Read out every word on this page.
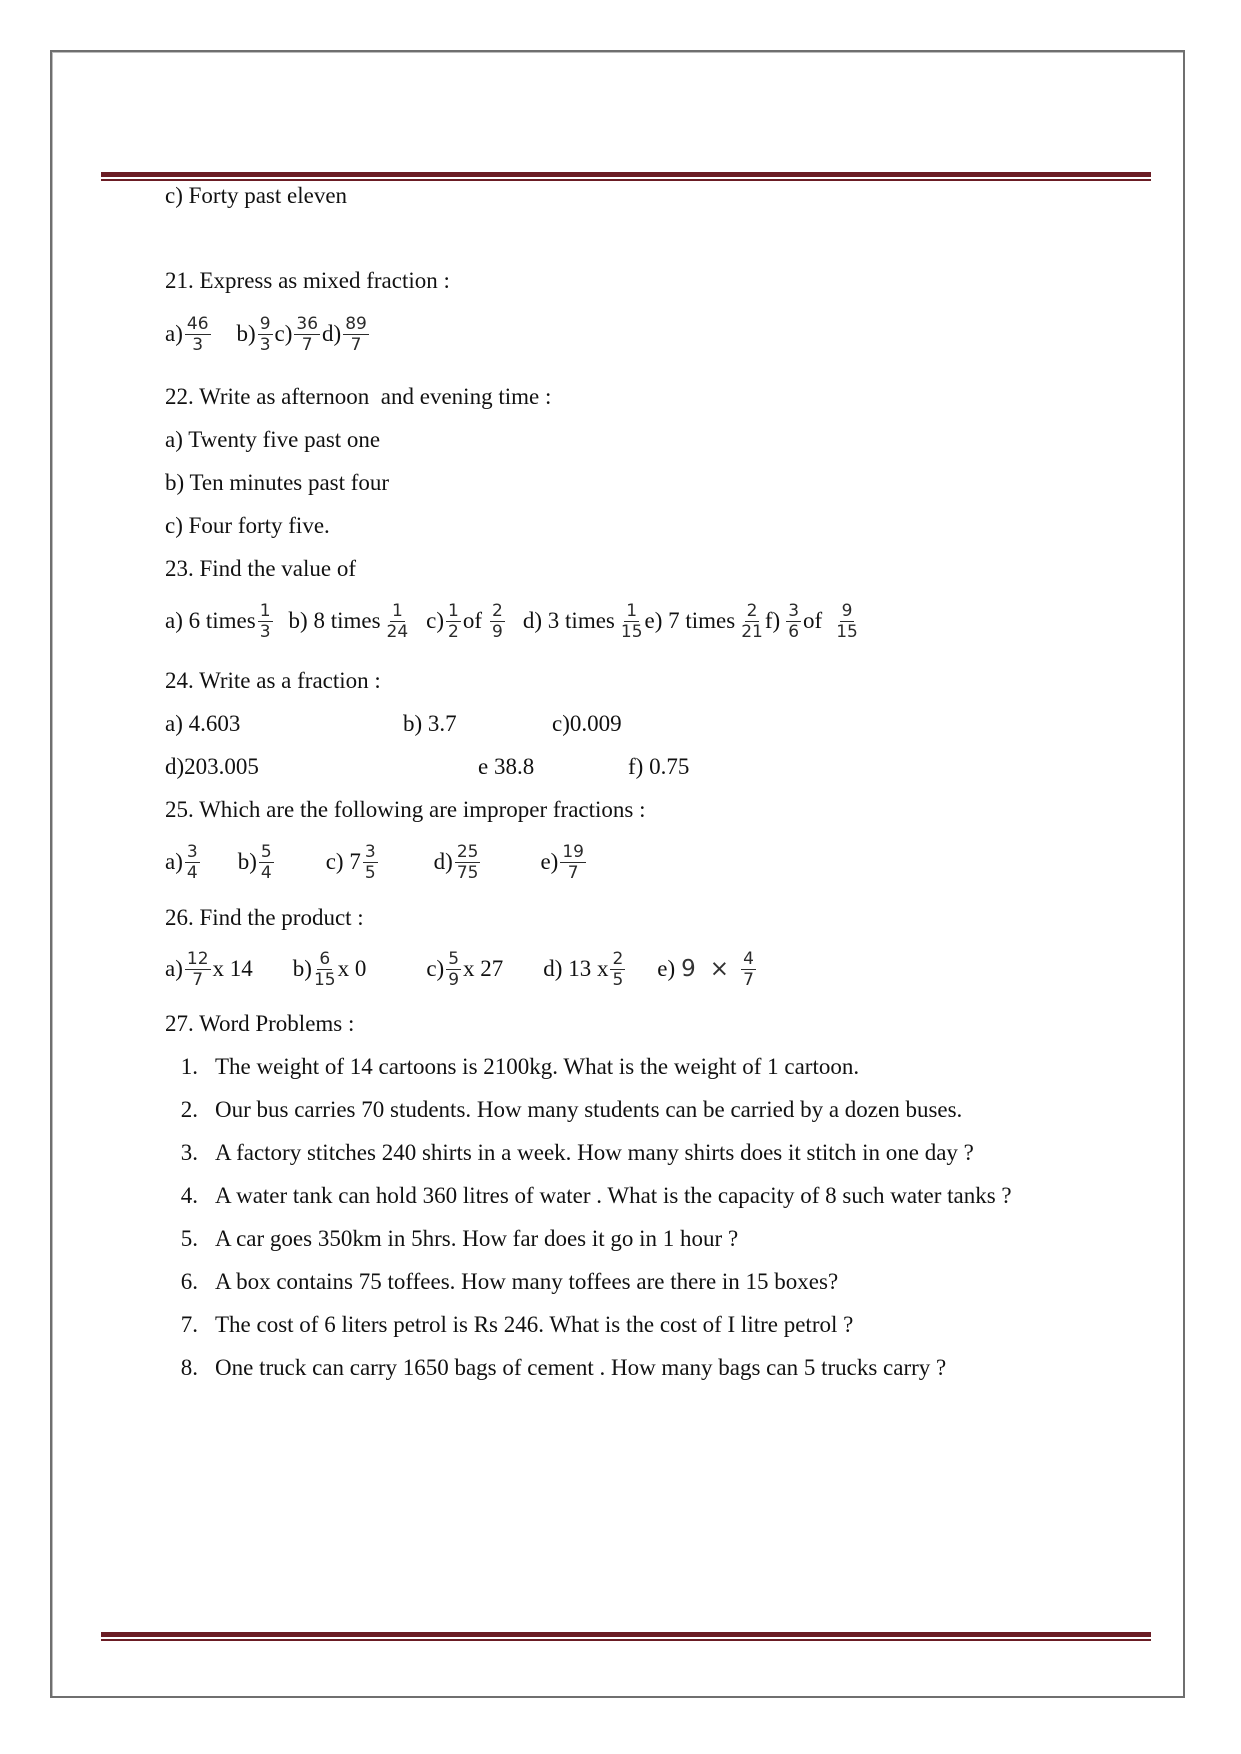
c) Forty past eleven
21. Express as mixed fraction :
$a) \frac{46}{3} b) \frac{9}{3} c) \frac{36}{7} d) \frac{89}{7}$
22. Write as afternoon  and evening time :
a) Twenty five past one
b) Ten minutes past four
c) Four forty five.
23. Find the value of
a) 6 times $\frac{1}{3} b$) 8 times $\frac{1}{24} c) \frac{1}{2}$ of $\frac{2}{9} d$) 3 times $\frac{1}{15} e$) 7 times $\frac{2}{21} f) \frac{3}{6}$ of $\frac{9}{15}$
24. Write as a fraction :
a) 4.603	b) 3.7	c)0.009
d)203.005	e 38.8	f) 0.75
25. Which are the following are improper fractions :
$a) \frac{3}{4} b) \frac{5}{4} c$) $7 \frac{3}{5} d) \frac{25}{75}$	$e) \frac{19}{7}$
26. Find the product :
$a) \frac{12}{7}$ x 14 $b) \frac{6}{15}$ x 0	$c) \frac{5}{9}$ x 27 d) 13 x $\frac{2}{5} e$) $9 \times \frac{4}{7}$
27. Word Problems :
1. The weight of 14 cartoons is 2100kg. What is the weight of 1 cartoon.
2. Our bus carries 70 students. How many students can be carried by a dozen buses.
3. A factory stitches 240 shirts in a week. How many shirts does it stitch in one day ?
4. A water tank can hold 360 litres of water . What is the capacity of 8 such water tanks ?
5. A car goes 350km in 5hrs. How far does it go in 1 hour ?
6. A box contains 75 toffees. How many toffees are there in 15 boxes?
7. The cost of 6 liters petrol is Rs 246. What is the cost of I litre petrol ?
8. One truck can carry 1650 bags of cement . How many bags can 5 trucks carry ?
